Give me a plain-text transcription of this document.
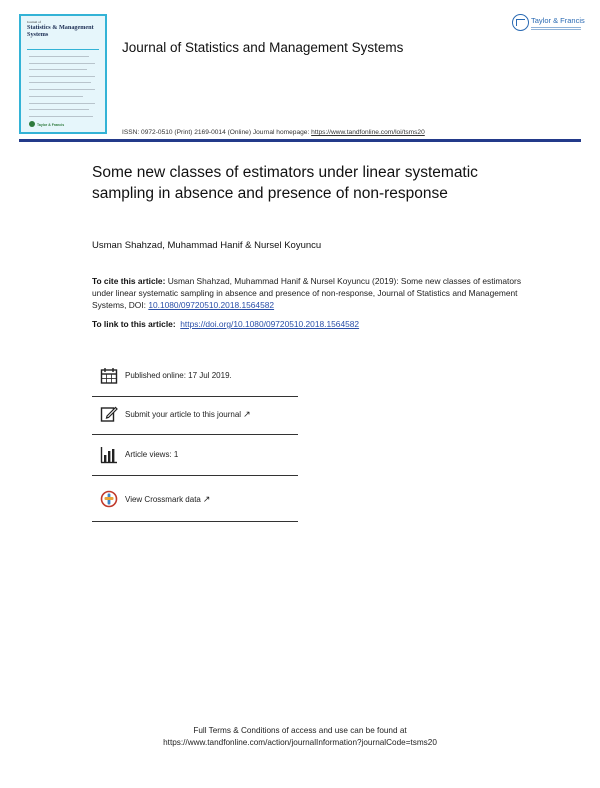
Journal of
Statistics & Management Systems
Taylor & Francis
Journal of Statistics and Management Systems
Taylor & Francis
ISSN: 0972-0510 (Print) 2169-0014 (Online) Journal homepage: https://www.tandfonline.com/loi/tsms20
Some new classes of estimators under linear systematic sampling in absence and presence of non-response
Usman Shahzad, Muhammad Hanif & Nursel Koyuncu
To cite this article: Usman Shahzad, Muhammad Hanif & Nursel Koyuncu (2019): Some new classes of estimators under linear systematic sampling in absence and presence of non-response, Journal of Statistics and Management Systems, DOI: 10.1080/09720510.2018.1564582
To link to this article: https://doi.org/10.1080/09720510.2018.1564582
Published online: 17 Jul 2019.
Submit your article to this journal ↗
Article views: 1
View Crossmark data ↗
Full Terms & Conditions of access and use can be found at
https://www.tandfonline.com/action/journalInformation?journalCode=tsms20
